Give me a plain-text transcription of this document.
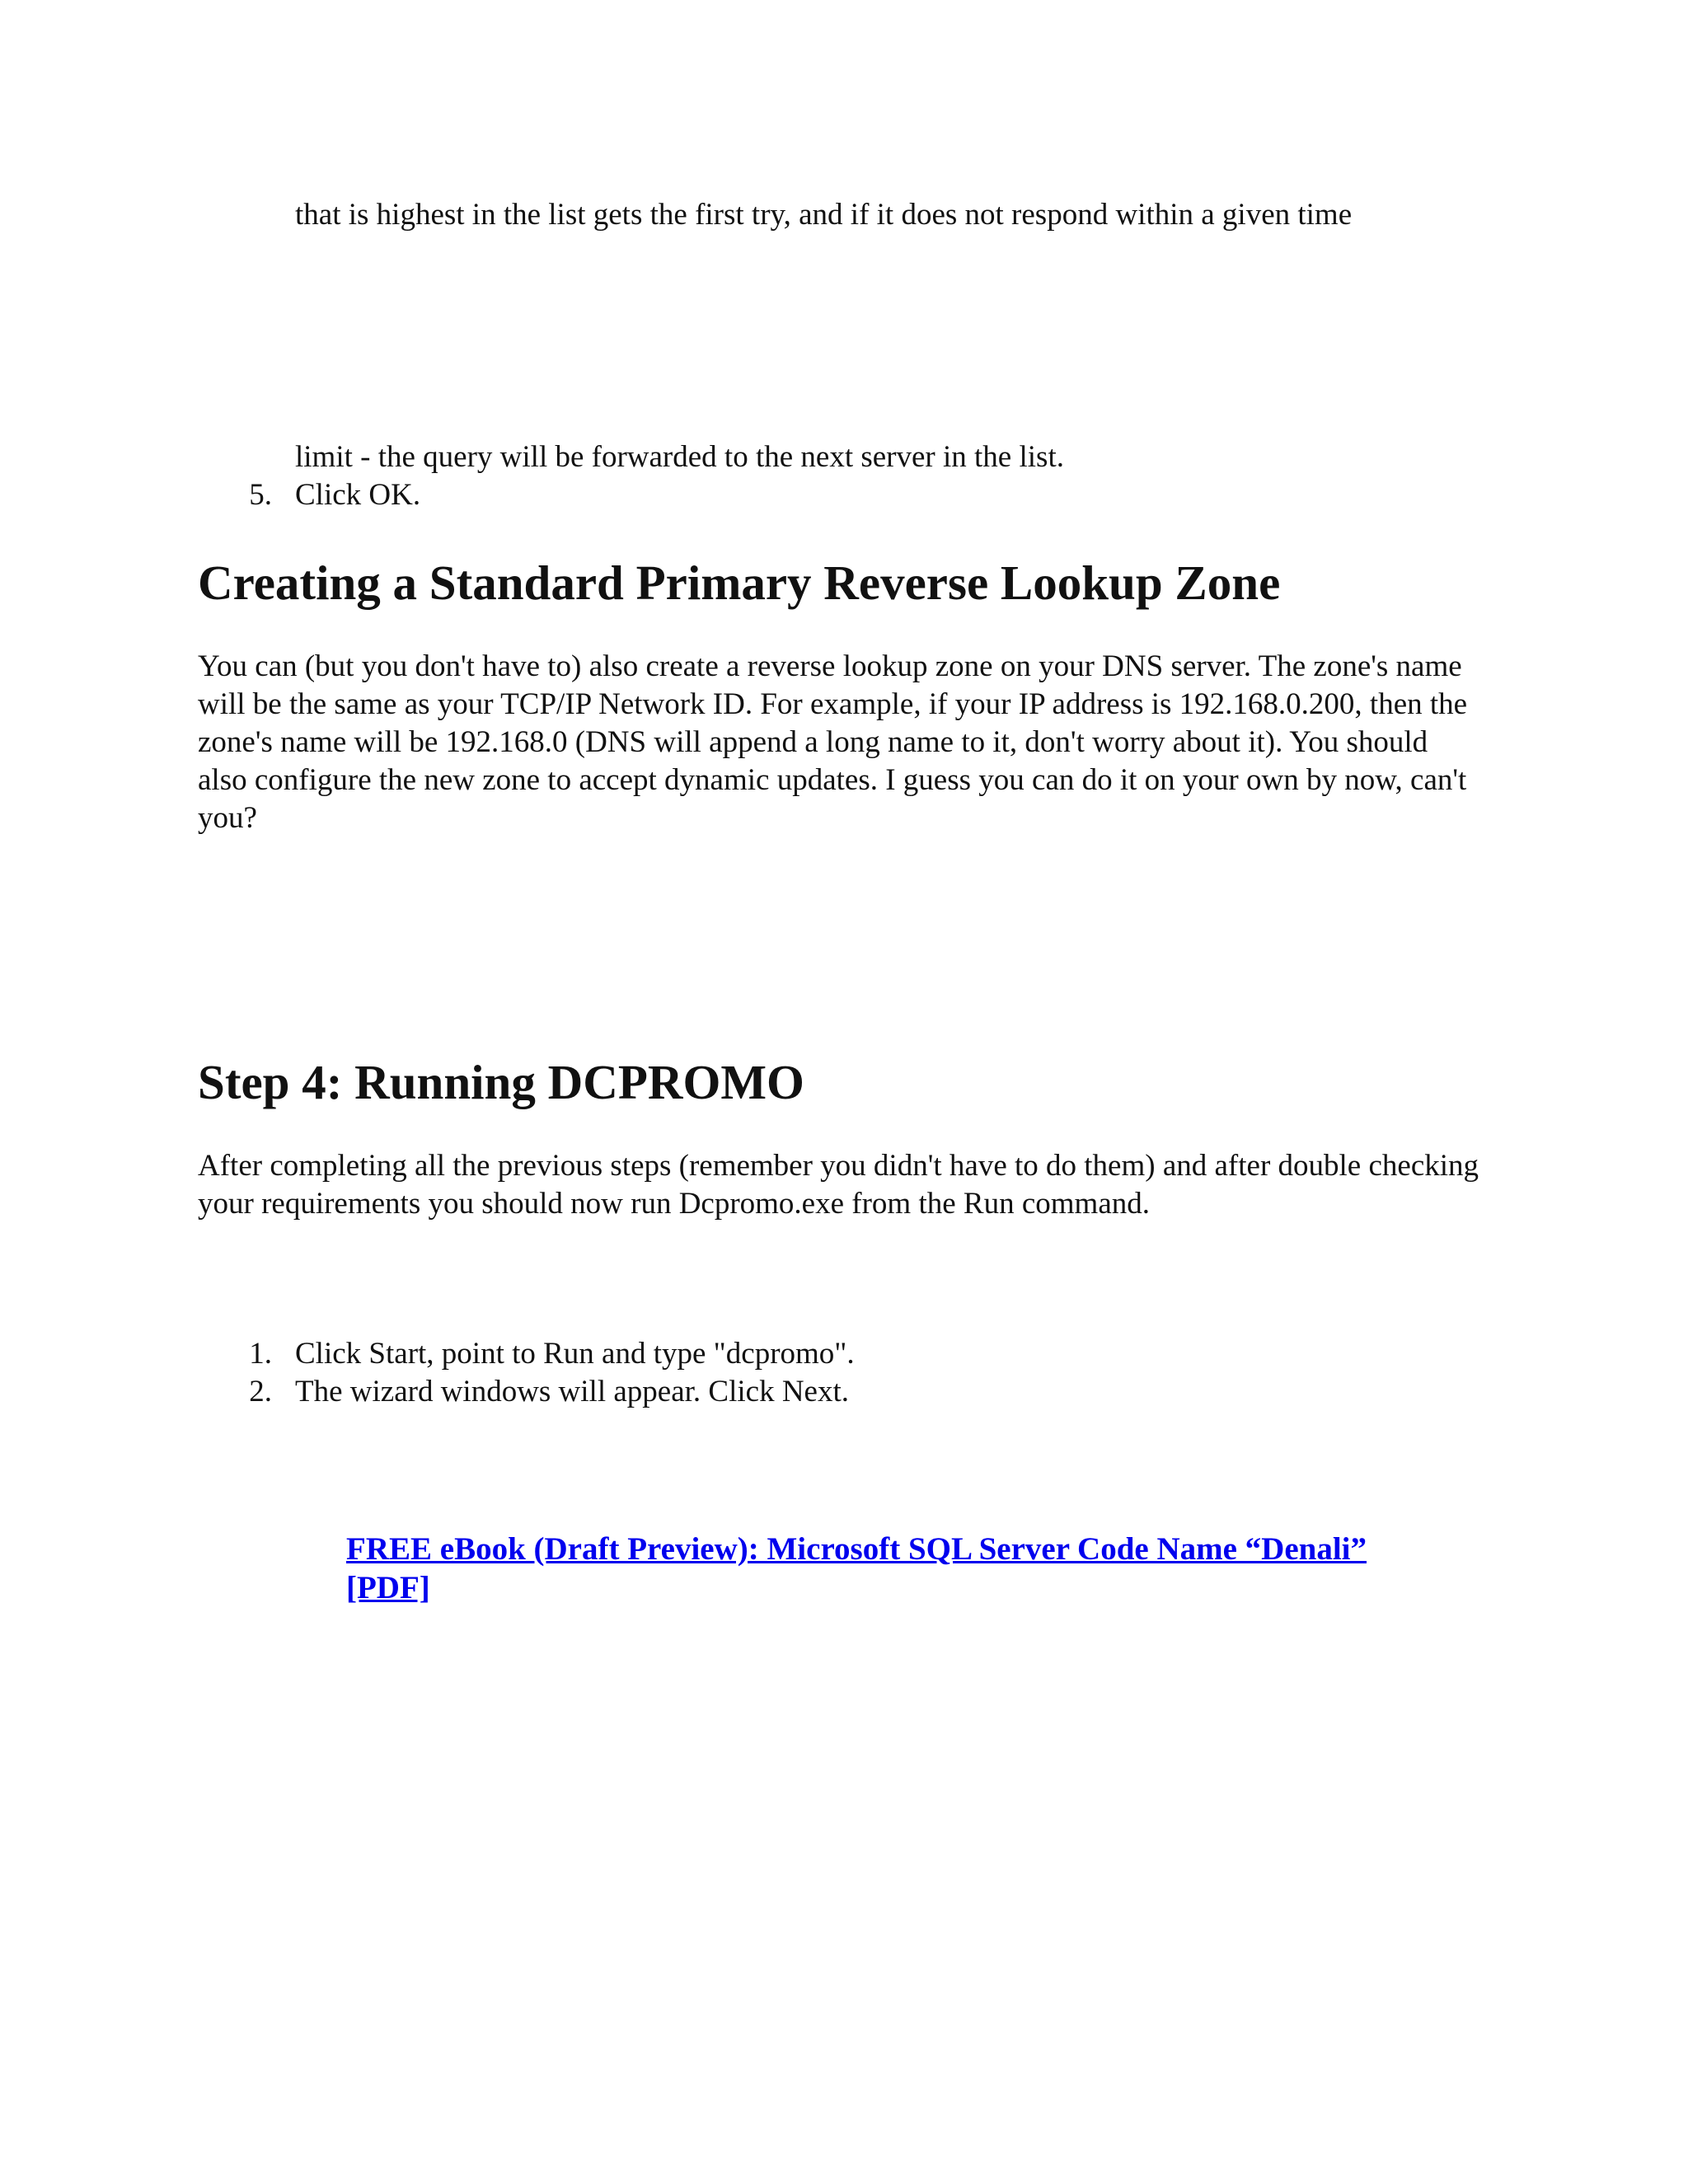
that is highest in the list gets the first try, and if it does not respond within a given time
limit - the query will be forwarded to the next server in the list.
5. Click OK.
Creating a Standard Primary Reverse Lookup Zone

You can (but you don't have to) also create a reverse lookup zone on your DNS server. The zone's name will be the same as your TCP/IP Network ID. For example, if your IP address is 192.168.0.200, then the zone's name will be 192.168.0 (DNS will append a long name to it, don't worry about it). You should also configure the new zone to accept dynamic updates. I guess you can do it on your own by now, can't you?

Step 4: Running DCPROMO

After completing all the previous steps (remember you didn't have to do them) and after double checking your requirements you should now run Dcpromo.exe from the Run command.

1. Click Start, point to Run and type "dcpromo".
2. The wizard windows will appear. Click Next.

FREE eBook (Draft Preview): Microsoft SQL Server Code Name “Denali” [PDF]
